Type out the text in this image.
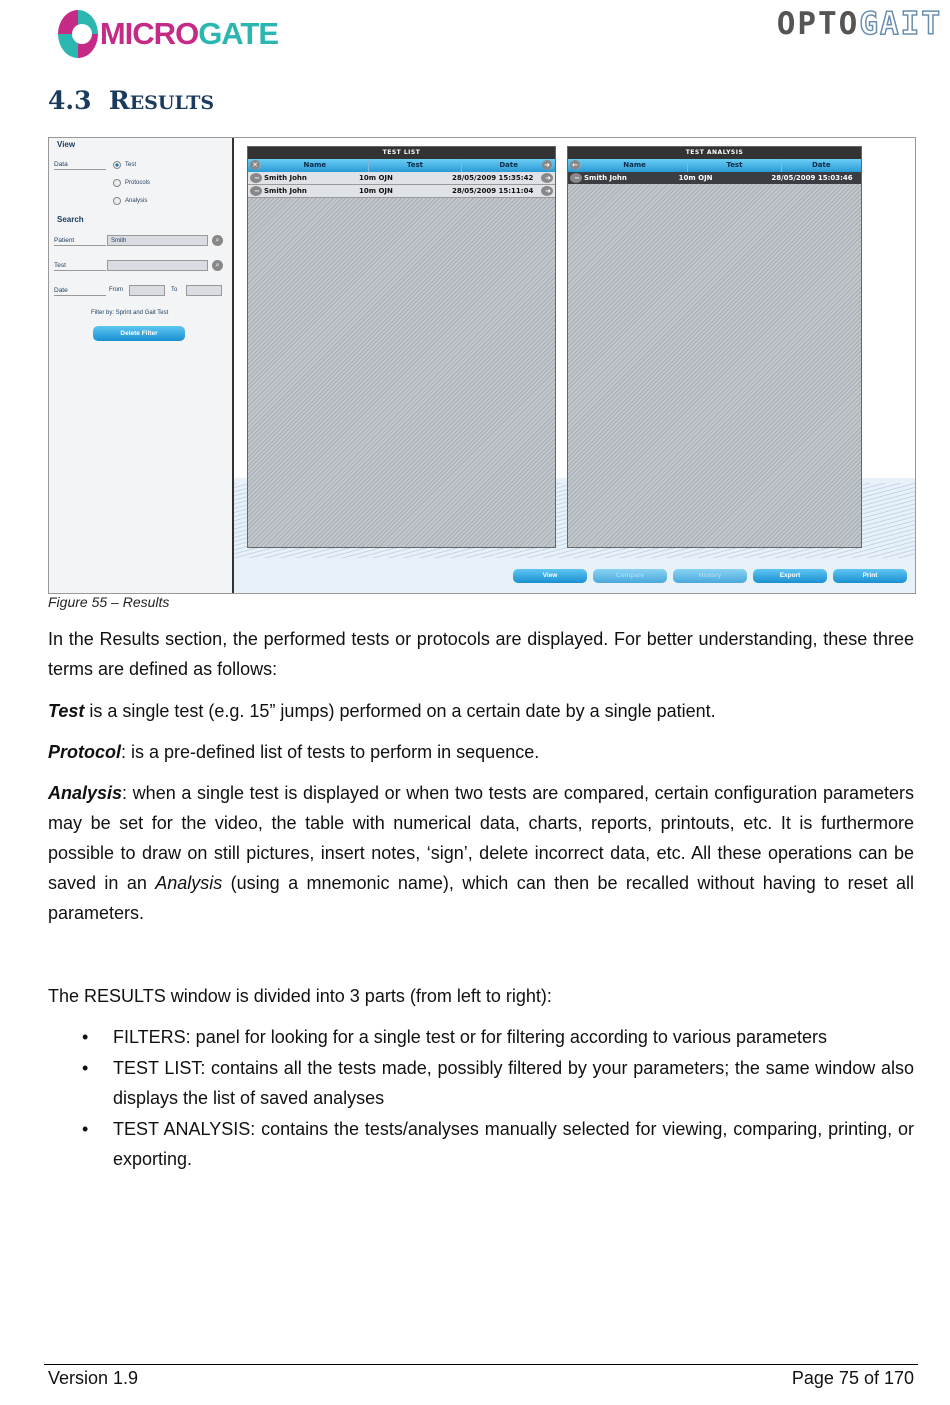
MICROGATE	OPTOGAIT
4.3 RESULTS
View
Data	Test
Protocols
Analysis
Search
Patient	Smith	⌕
Test	⌕
Date	From	To
Filter by: Sprint and Gait Test
Delete Filter
TEST LIST
✕	Name	Test	Date	➜
− Smith John	10m OJN	28/05/2009 15:35:42	➜
− Smith John	10m OJN	28/05/2009 15:11:04	➜
TEST ANALYSIS
←	Name	Test	Date
− Smith John	10m OJN	28/05/2009 15:03:46
View	Compare	History	Export	Print
Figure 55 – Results
In the Results section, the performed tests or protocols are displayed. For better understanding, these three terms are defined as follows:
Test is a single test (e.g. 15” jumps) performed on a certain date by a single patient.
Protocol: is a pre-defined list of tests to perform in sequence.
Analysis: when a single test is displayed or when two tests are compared, certain configuration parameters may be set for the video, the table with numerical data, charts, reports, printouts, etc. It is furthermore possible to draw on still pictures, insert notes, ‘sign’, delete incorrect data, etc. All these operations can be saved in an Analysis (using a mnemonic name), which can then be recalled without having to reset all parameters.
The RESULTS window is divided into 3 parts (from left to right):
• FILTERS: panel for looking for a single test or for filtering according to various parameters
• TEST LIST: contains all the tests made, possibly filtered by your parameters; the same window also displays the list of saved analyses
• TEST ANALYSIS: contains the tests/analyses manually selected for viewing, comparing, printing, or exporting.
Version 1.9	Page 75 of 170
